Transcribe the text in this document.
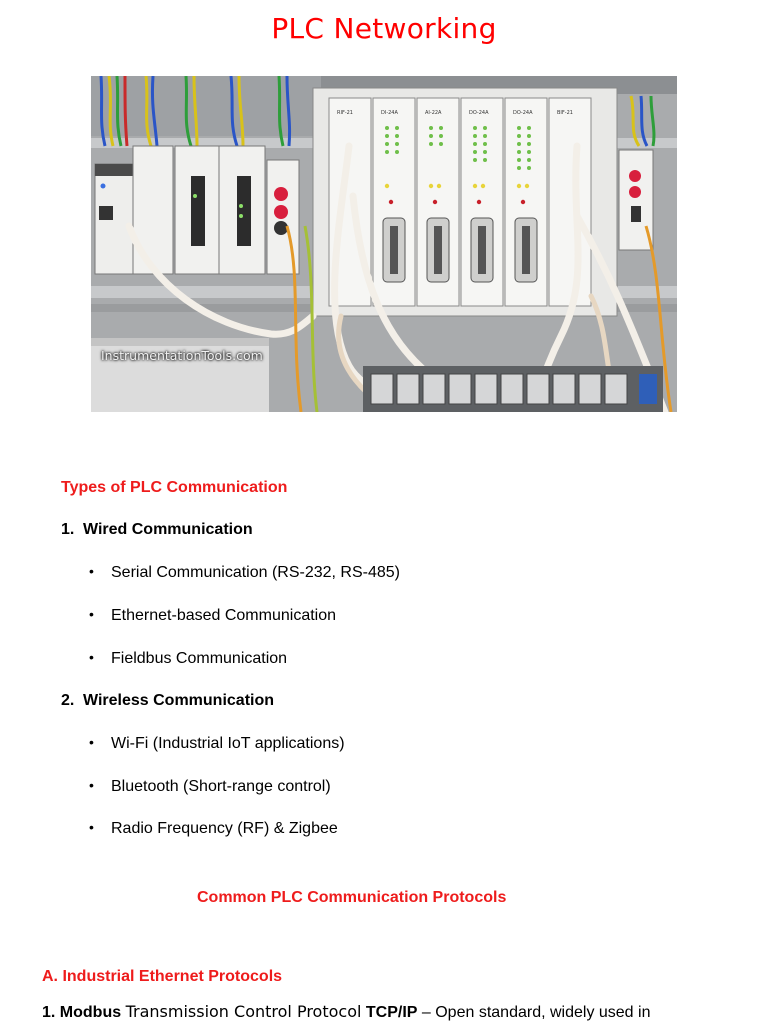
PLC Networking
RIF-21	DI-24A	AI-22A	DO-24A	DO-24A	BIF-21
InstrumentationTools.com
Types of PLC Communication
1. Wired Communication
• Serial Communication (RS-232, RS-485)
• Ethernet-based Communication
• Fieldbus Communication
2. Wireless Communication
• Wi-Fi (Industrial IoT applications)
• Bluetooth (Short-range control)
• Radio Frequency (RF) & Zigbee
Common PLC Communication Protocols
A. Industrial Ethernet Protocols
1. Modbus Transmission Control Protocol TCP/IP – Open standard, widely used in
